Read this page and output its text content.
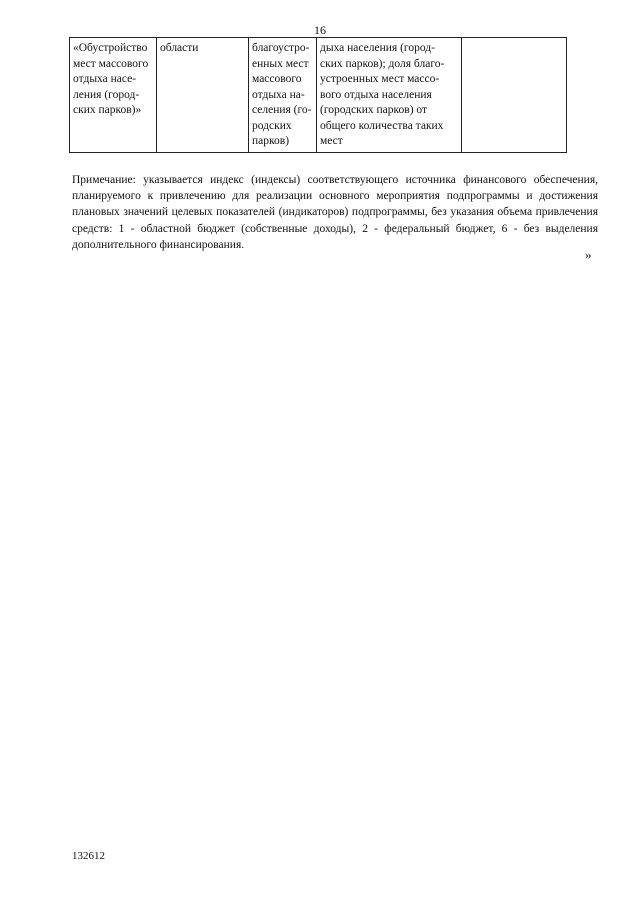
16
«Обустройство
мест массового
отдыха насе-
ления (город-
ских парков)»	области	благоустро-
енных мест
массового
отдыха на-
селения (го-
родских
парков)	дыха населения (город-
ских парков); доля благо-
устроенных мест массо-
вого отдыха населения
(городских парков) от
общего количества таких
мест	
Примечание: указывается индекс (индексы) соответствующего источника финансового обеспечения, планируемого к привлечению для реализации основного мероприятия подпрограммы и достижения плановых значений целевых показателей (индикаторов) подпрограммы, без указания объема привлечения средств: 1 - областной бюджет (собственные доходы), 2 - федеральный бюджет, 6 - без выделения дополнительного финансирования.
»
132612
